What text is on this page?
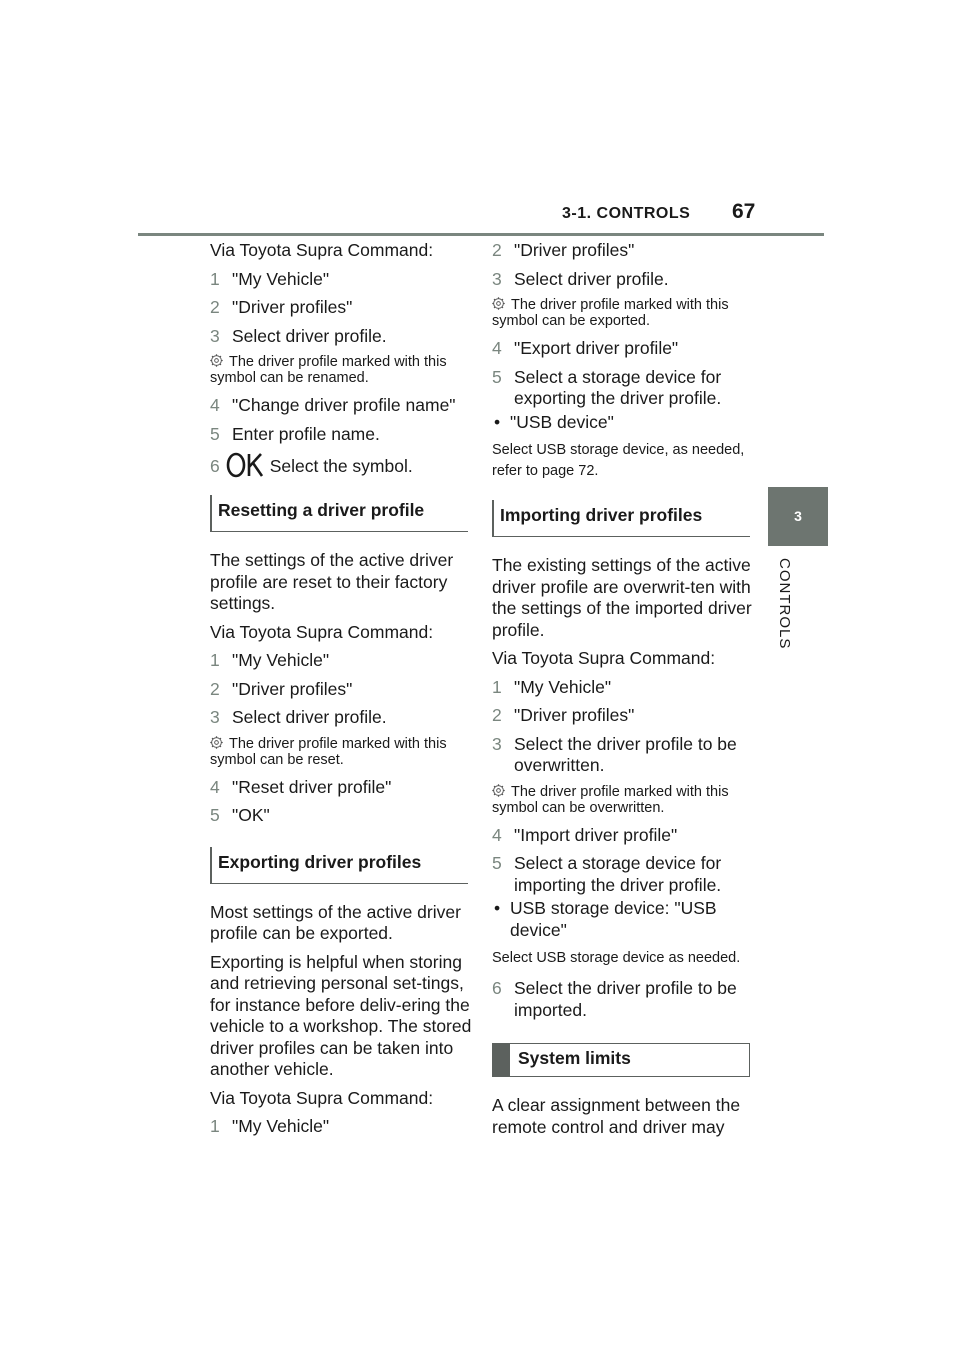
3-1. CONTROLS 67
3
CONTROLS

Via Toyota Supra Command:

1 "My Vehicle"
2 "Driver profiles"
3 Select driver profile.
The driver profile marked with this symbol can be renamed.
4 "Change driver profile name"
5 Enter profile name.
6	Select the symbol.
Resetting a driver profile

The settings of the active driver profile are reset to their factory settings.

Via Toyota Supra Command:

1 "My Vehicle"
2 "Driver profiles"
3 Select driver profile.
The driver profile marked with this symbol can be reset.
4 "Reset driver profile"
5 "OK"
Exporting driver profiles

Most settings of the active driver profile can be exported.

Exporting is helpful when storing and retrieving personal set-tings, for instance before deliv-ering the vehicle to a workshop. The stored driver profiles can be taken into another vehicle.

Via Toyota Supra Command:

1 "My Vehicle"
2 "Driver profiles"
3 Select driver profile.
The driver profile marked with this symbol can be exported.
4 "Export driver profile"
5 Select a storage device for exporting the driver profile.
• "USB device"

Select USB storage device, as needed, refer to page 72.

Importing driver profiles

The existing settings of the active driver profile are overwrit-ten with the settings of the imported driver profile.

Via Toyota Supra Command:

1 "My Vehicle"
2 "Driver profiles"
3 Select the driver profile to be overwritten.
The driver profile marked with this symbol can be overwritten.
4 "Import driver profile"
5 Select a storage device for importing the driver profile.
• USB storage device: "USB device"

Select USB storage device as needed.

6 Select the driver profile to be imported.
System limits

A clear assignment between the remote control and driver may
